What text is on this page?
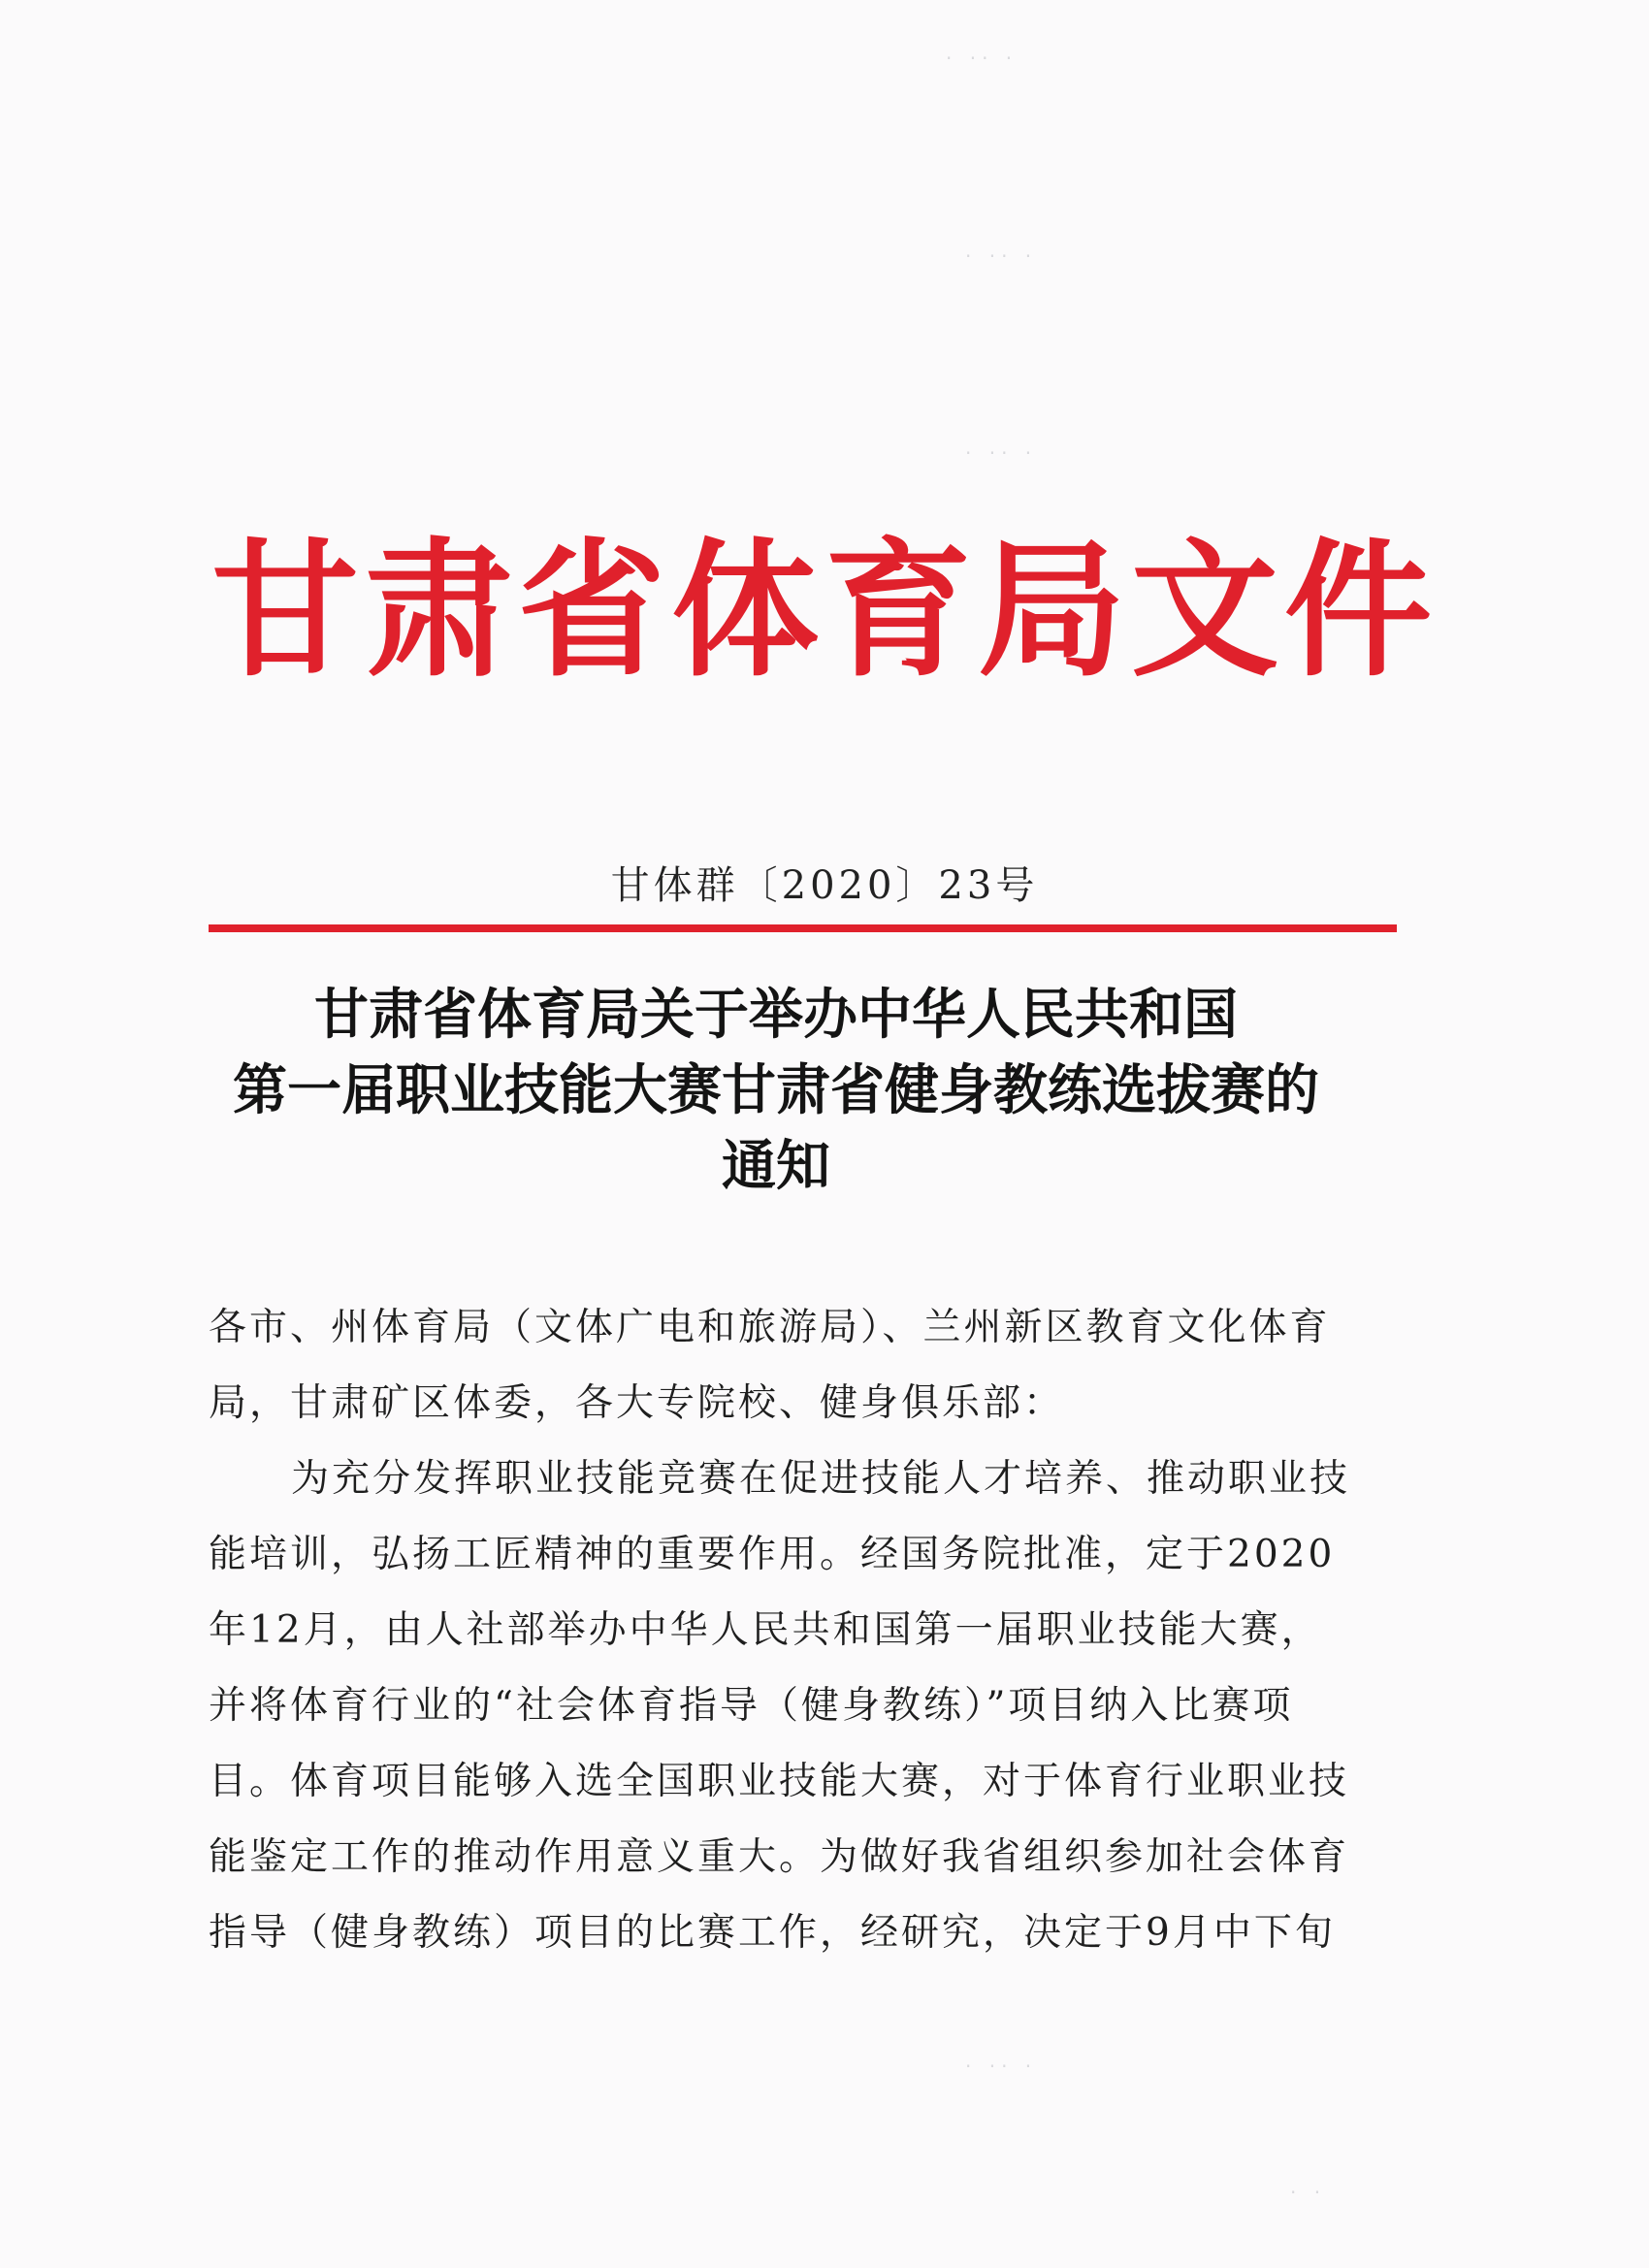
· ·· ·
· ·· ·
· ·· ·
· ·· ·
· ·
甘肃省体育局文件
甘体群〔2020〕23号
甘肃省体育局关于举办中华人民共和国
第一届职业技能大赛甘肃省健身教练选拔赛的
通知

各市、州体育局（文体广电和旅游局）、兰州新区教育文化体育

局，甘肃矿区体委，各大专院校、健身俱乐部：

为充分发挥职业技能竞赛在促进技能人才培养、推动职业技

能培训，弘扬工匠精神的重要作用。经国务院批准，定于2020

年12月，由人社部举办中华人民共和国第一届职业技能大赛，

并将体育行业的“社会体育指导（健身教练）”项目纳入比赛项

目。体育项目能够入选全国职业技能大赛，对于体育行业职业技

能鉴定工作的推动作用意义重大。为做好我省组织参加社会体育

指导（健身教练）项目的比赛工作，经研究，决定于9月中下旬
